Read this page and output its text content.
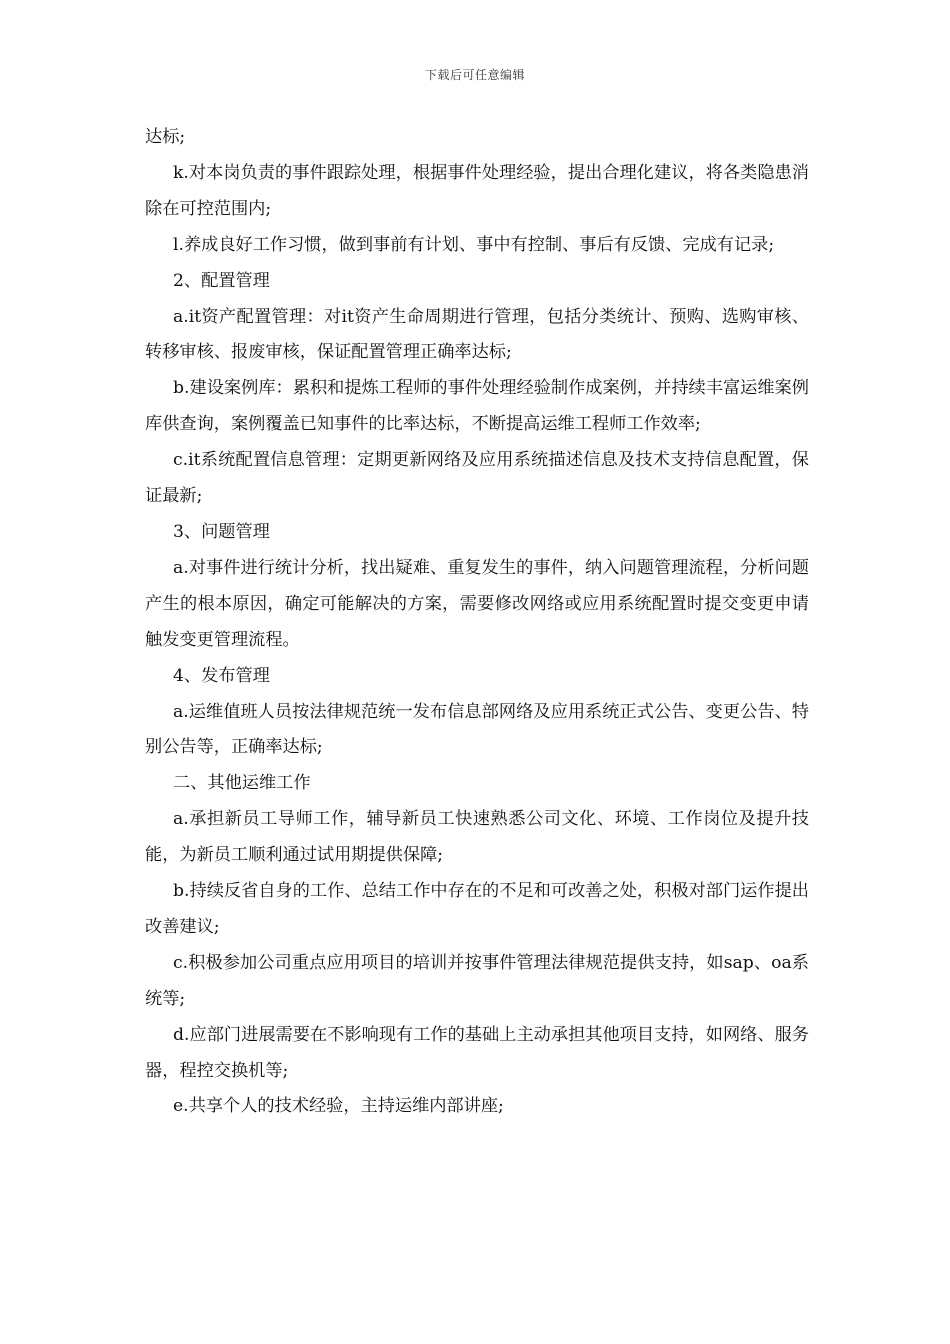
下载后可任意编辑

达标;

k.对本岗负责的事件跟踪处理，根据事件处理经验，提出合理化建议，将各类隐患消除在可控范围内;

l.养成良好工作习惯，做到事前有计划、事中有控制、事后有反馈、完成有记录;

2、配置管理

a.it资产配置管理：对it资产生命周期进行管理，包括分类统计、预购、选购审核、转移审核、报废审核，保证配置管理正确率达标;

b.建设案例库：累积和提炼工程师的事件处理经验制作成案例，并持续丰富运维案例库供查询，案例覆盖已知事件的比率达标，不断提高运维工程师工作效率;

c.it系统配置信息管理：定期更新网络及应用系统描述信息及技术支持信息配置，保证最新;

3、问题管理

a.对事件进行统计分析，找出疑难、重复发生的事件，纳入问题管理流程，分析问题产生的根本原因，确定可能解决的方案，需要修改网络或应用系统配置时提交变更申请触发变更管理流程。

4、发布管理

a.运维值班人员按法律规范统一发布信息部网络及应用系统正式公告、变更公告、特别公告等，正确率达标;

二、其他运维工作

a.承担新员工导师工作，辅导新员工快速熟悉公司文化、环境、工作岗位及提升技能，为新员工顺利通过试用期提供保障;

b.持续反省自身的工作、总结工作中存在的不足和可改善之处，积极对部门运作提出改善建议;

c.积极参加公司重点应用项目的培训并按事件管理法律规范提供支持，如sap、oa系统等;

d.应部门进展需要在不影响现有工作的基础上主动承担其他项目支持，如网络、服务器，程控交换机等;

e.共享个人的技术经验，主持运维内部讲座;
